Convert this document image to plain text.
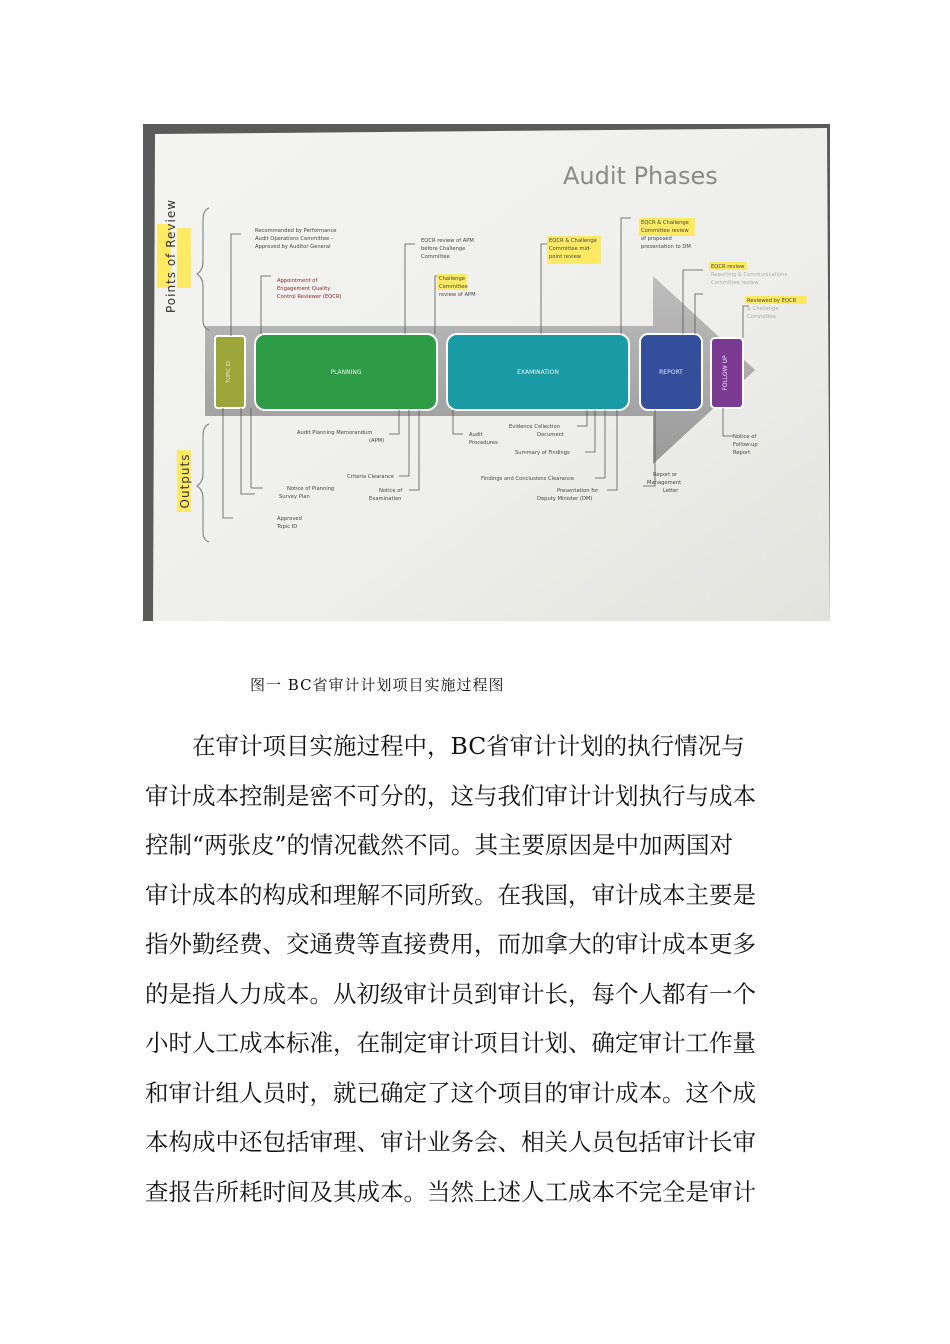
TOPIC ID	PLANNING	EXAMINATION	REPORT	FOLLOW UP
Audit Phases
Points of Review
Outputs
Recommended by Performance Audit Operations Committee – Approved by Auditor General
Appointment of Engagement Quality Control Reviewer (EQCR)
EQCR review of APM before Challenge Committee
Challenge Committee review of APM
EQCR & Challenge Committee mid-point review
EQCR & Challenge Committee review of proposed presentation to DM
EQCR review Reporting & Communications Committee review
Reviewed by EQCR & Challenge Committee
Audit Planning Memorandum (APM)
Criteria Clearance
Notice of Planning
Survey Plan
Notice of Examination
Approved Topic ID
Audit Procedures
Evidence Collection Document
Summary of Findings
Findings and Conclusions Clearance
Presentation for Deputy Minister (DM)
Report or Management Letter
Notice of Follow-up Report
图一 BC省审计计划项目实施过程图
在审计项目实施过程中，BC省审计计划的执行情况与
审计成本控制是密不可分的，这与我们审计计划执行与成本
控制“两张皮”的情况截然不同。其主要原因是中加两国对
审计成本的构成和理解不同所致。在我国，审计成本主要是
指外勤经费、交通费等直接费用，而加拿大的审计成本更多
的是指人力成本。从初级审计员到审计长，每个人都有一个
小时人工成本标准，在制定审计项目计划、确定审计工作量
和审计组人员时，就已确定了这个项目的审计成本。这个成
本构成中还包括审理、审计业务会、相关人员包括审计长审
查报告所耗时间及其成本。当然上述人工成本不完全是审计
